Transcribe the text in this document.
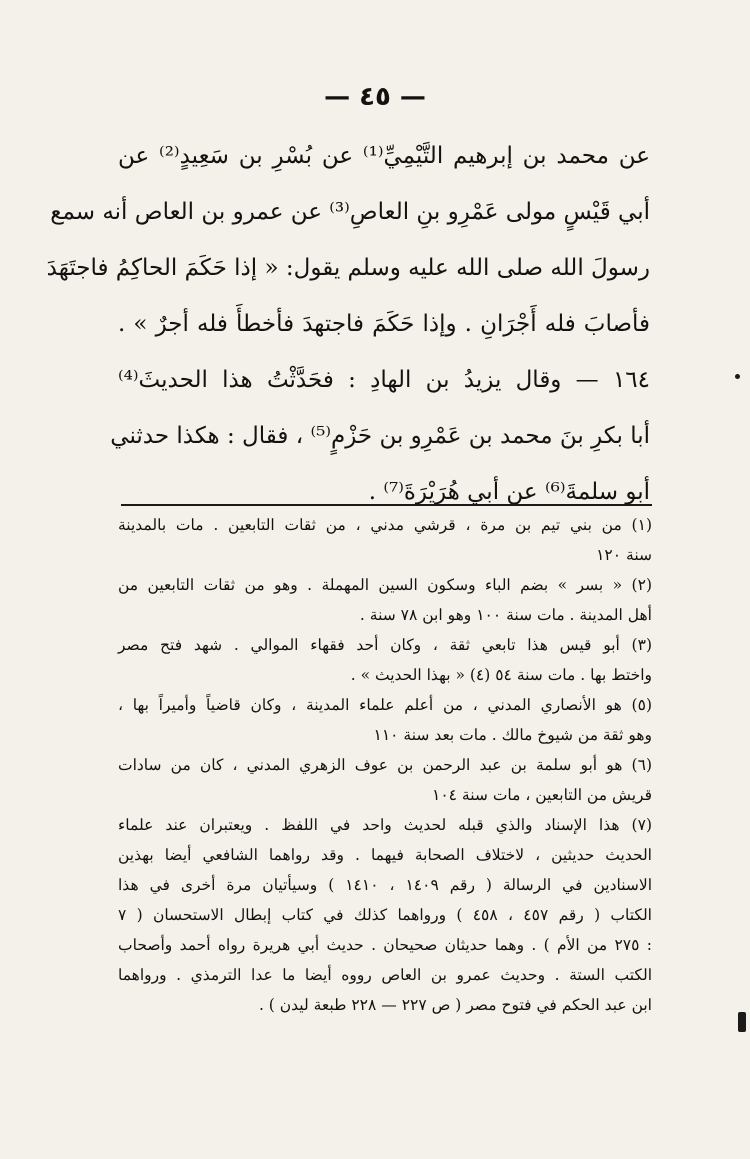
— ٤٥ —
عن محمد بن إبرهيم التَّيْمِيِّ⁽¹⁾ عن بُسْرِ بن سَعِيدٍ⁽²⁾ عن
أبي قَيْسٍ مولى عَمْرِو بنِ العاصِ⁽³⁾ عن عمرو بن العاص أنه سمع
رسولَ الله صلى الله عليه وسلم يقول: « إذا حَكَمَ الحاكِمُ فاجتَهَدَ
فأصابَ فله أَجْرَانِ . وإذا حَكَمَ فاجتهدَ فأخطأَ فله أجرٌ » .
١٦٤ — وقال يزيدُ بن الهادِ : فحَدَّثْتُ هذا الحديثَ⁽⁴⁾
أبا بكرِ بنَ محمد بن عَمْرِو بن حَزْمٍ⁽⁵⁾ ، فقال : هكذا حدثني
أبو سلمةَ⁽⁶⁾ عن أبي هُرَيْرَةَ⁽⁷⁾ .
(١) من بني تيم بن مرة ، قرشي مدني ، من ثقات التابعين . مات بالمدينة
سنة ١٢٠
(٢) « بسر » بضم الباء وسكون السين المهملة . وهو من ثقات التابعين من
أهل المدينة . مات سنة ١٠٠ وهو ابن ٧٨ سنة .
(٣) أبو قيس هذا تابعي ثقة ، وكان أحد فقهاء الموالي . شهد فتح مصر
واختط بها . مات سنة ٥٤ (٤) « بهذا الحديث » .
(٥) هو الأنصاري المدني ، من أعلم علماء المدينة ، وكان قاضياً وأميراً بها ،
وهو ثقة من شيوخ مالك . مات بعد سنة ١١٠
(٦) هو أبو سلمة بن عبد الرحمن بن عوف الزهري المدني ، كان من سادات
قريش من التابعين ، مات سنة ١٠٤
(٧) هذا الإسناد والذي قبله لحديث واحد في اللفظ . ويعتبران عند علماء
الحديث حديثين ، لاختلاف الصحابة فيهما . وقد رواهما الشافعي أيضا بهذين
الاسنادين في الرسالة ( رقم ١٤٠٩ ، ١٤١٠ ) وسيأتيان مرة أخرى في هذا
الكتاب ( رقم ٤٥٧ ، ٤٥٨ ) ورواهما كذلك في كتاب إبطال الاستحسان ( ٧
: ٢٧٥ من الأم ) . وهما حديثان صحيحان . حديث أبي هريرة رواه أحمد وأصحاب
الكتب الستة . وحديث عمرو بن العاص رووه أيضا ما عدا الترمذي . ورواهما
ابن عبد الحكم في فتوح مصر ( ص ٢٢٧ — ٢٢٨ طبعة ليدن ) .
